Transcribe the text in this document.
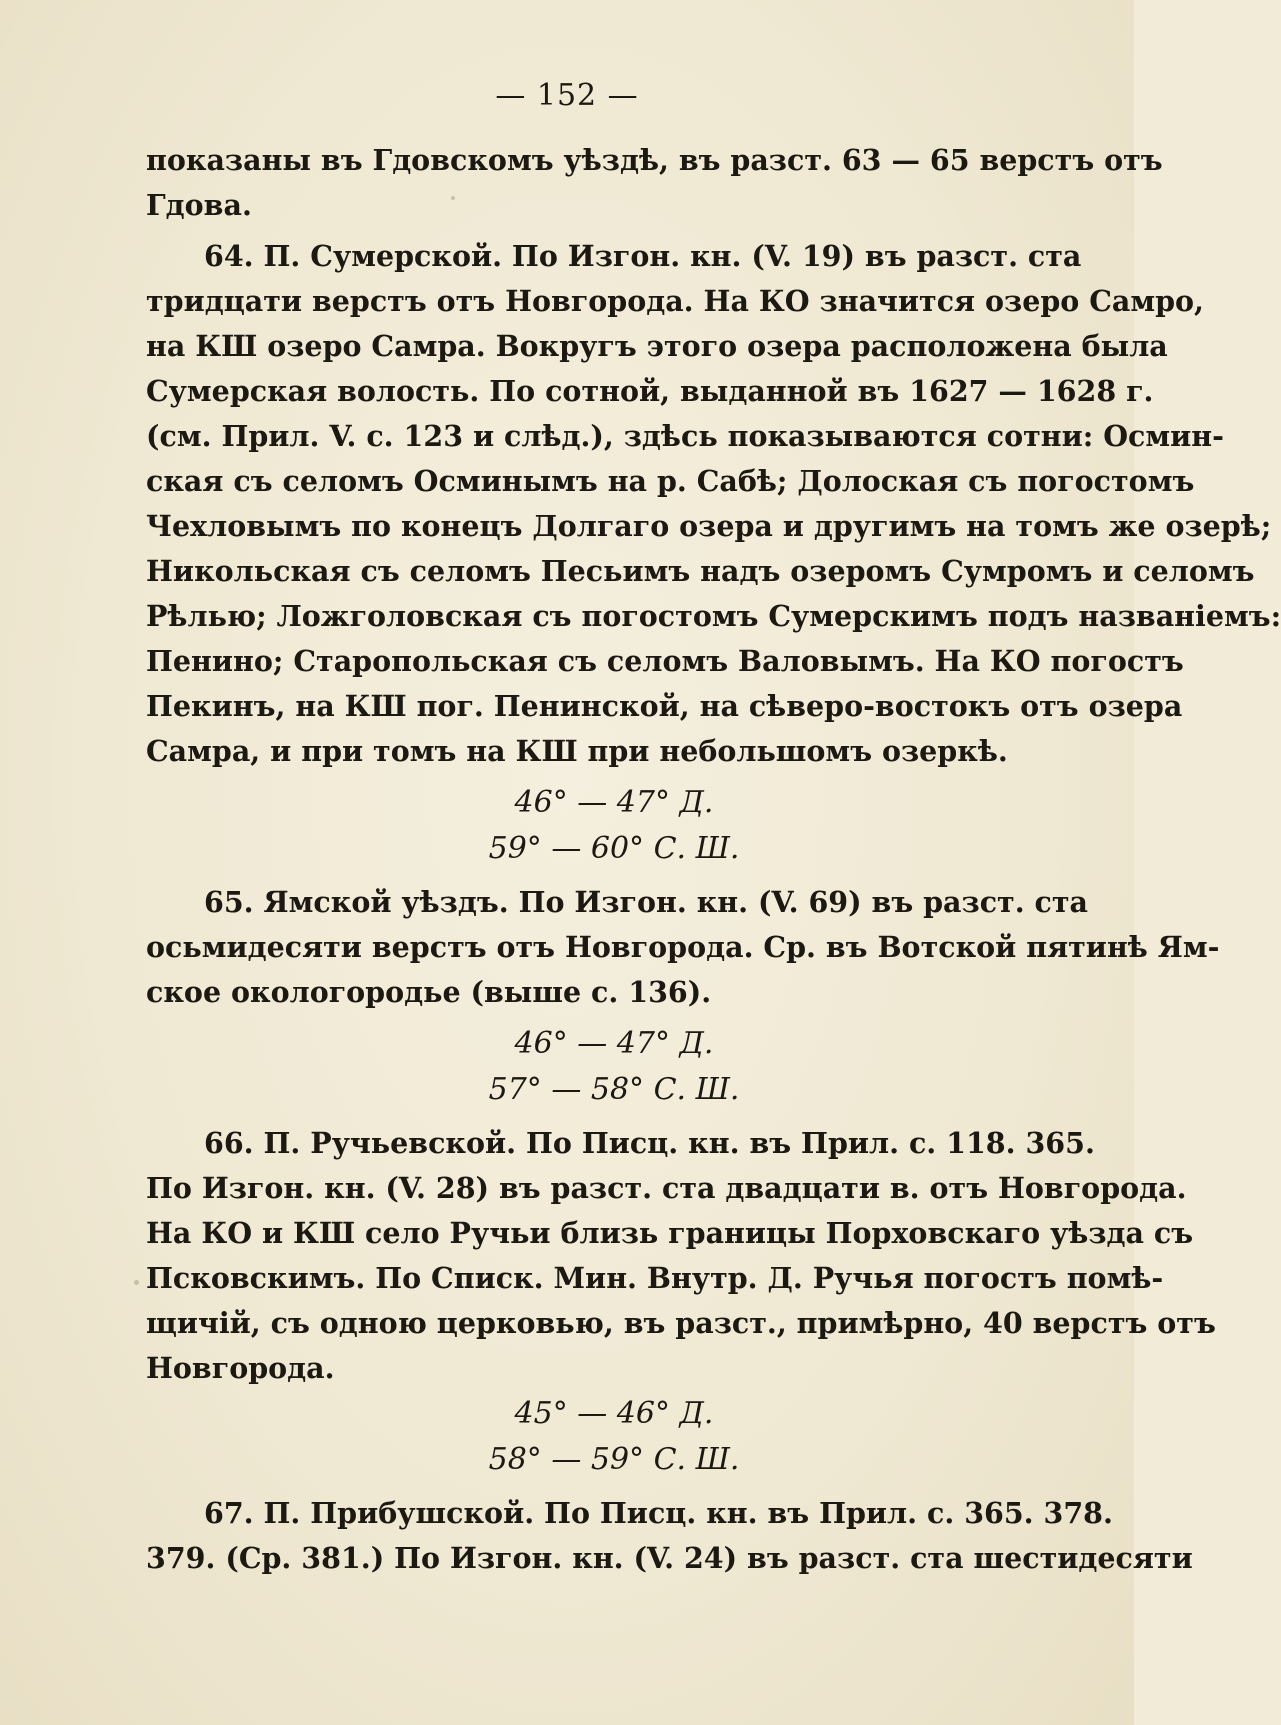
— 152 —
показаны въ Гдовскомъ уѣздѣ, въ разст. 63 — 65 верстъ отъ
Гдова.
64. П. Сумерской. По Изгон. кн. (V. 19) въ разст. ста
тридцати верстъ отъ Новгорода. На КО значится озеро Самро,
на КШ озеро Самра. Вокругъ этого озера расположена была
Сумерская волость. По сотной, выданной въ 1627 — 1628 г.
(см. Прил. V. с. 123 и слѣд.), здѣсь показываются сотни: Осмин-
ская съ селомъ Осминымъ на р. Сабѣ; Долоская съ погостомъ
Чехловымъ по конецъ Долгаго озера и другимъ на томъ же озерѣ;
Никольская съ селомъ Песьимъ надъ озеромъ Сумромъ и селомъ
Рѣлью; Ложголовская съ погостомъ Сумерскимъ подъ названіемъ:
Пенино; Старопольская съ селомъ Валовымъ. На КО погостъ
Пекинъ, на КШ пог. Пенинской, на сѣверо-востокъ отъ озера
Самра, и при томъ на КШ при небольшомъ озеркѣ.
46° — 47° Д.
59° — 60° С. Ш.
65. Ямской уѣздъ. По Изгон. кн. (V. 69) въ разст. ста
осьмидесяти верстъ отъ Новгорода. Ср. въ Вотской пятинѣ Ям-
ское окологородье (выше с. 136).
46° — 47° Д.
57° — 58° С. Ш.
66. П. Ручьевской. По Писц. кн. въ Прил. с. 118. 365.
По Изгон. кн. (V. 28) въ разст. ста двадцати в. отъ Новгорода.
На КО и КШ село Ручьи близь границы Порховскаго уѣзда съ
Псковскимъ. По Списк. Мин. Внутр. Д. Ручья погостъ помѣ-
щичій, съ одною церковью, въ разст., примѣрно, 40 верстъ отъ
Новгорода.
45° — 46° Д.
58° — 59° С. Ш.
67. П. Прибушской. По Писц. кн. въ Прил. с. 365. 378.
379. (Ср. 381.) По Изгон. кн. (V. 24) въ разст. ста шестидесяти
